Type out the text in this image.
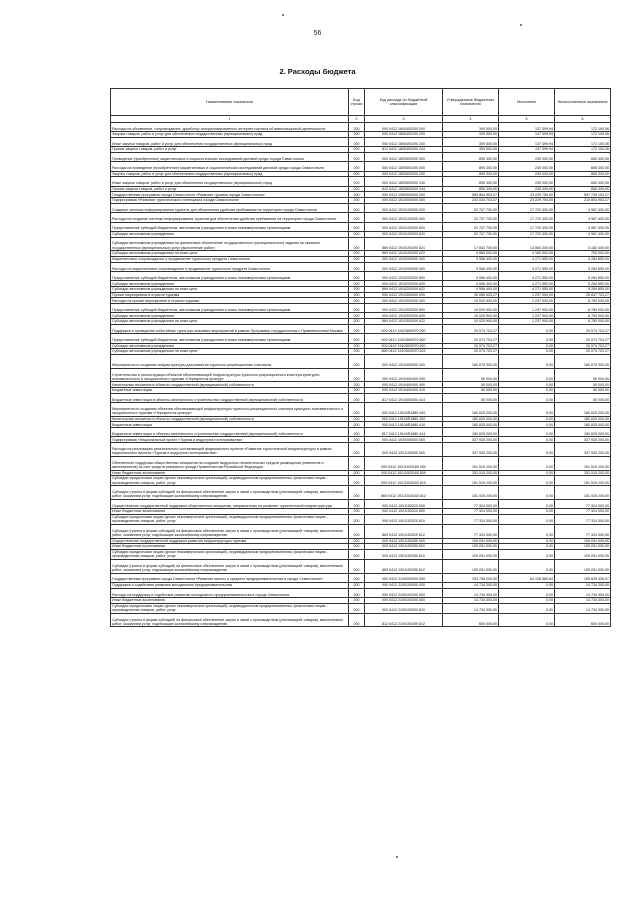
56
2. Расходы бюджета
Наименование показателя	Код строки	Код расхода по бюджетной классификации	Утвержденные бюджетные назначения	Исполнено	Неисполненные назначения
1	2	3	4	5	6
Расходы на обновление, сопровождение, доработку специализированного интернет-портала об инвестиционной деятельности	200	000 0412 1800400200 000	309 500,00	137 399,94	172 100,06
Закупка товаров, работ и услуг для обеспечения государственных (муниципальных) нужд	200	000 0412 1800400200 200	309 500,00	137 399,94	172 100,06
Иные закупки товаров, работ и услуг для обеспечения государственных (муниципальных) нужд	200	000 0412 1800400200 240	309 500,00	137 399,94	172 100,06
Прочая закупка товаров, работ и услуг	200	812 0412 1800400200 244	309 500,00	137 399,94	172 100,06
Проведение (приобретение) маркетинговых и социологических исследований деловой среды города Севастополя	200	000 0412 1800500000 000	895 300,00	230 000,00	665 300,00
Расходы на проведение (приобретение) маркетинговых и социологических исследований деловой среды города Севастополя	200	000 0412 1800500200 000	895 300,00	230 000,00	665 300,00
Закупка товаров, работ и услуг для обеспечения государственных (муниципальных) нужд	200	000 0412 1800500200 200	895 300,00	230 000,00	665 300,00
Иные закупки товаров, работ и услуг для обеспечения государственных (муниципальных) нужд	200	000 0412 1800500200 240	895 300,00	230 000,00	665 300,00
Прочая закупка товаров, работ и услуг	200	812 0412 1800500200 244	895 300,00	230 000,00	665 300,00
Государственная программа города Севастополя «Развитие туризма города Севастополя»	200	000 0412 1900000000 000	580 864 903,27	23 229 750,00	557 735 153,27
Подпрограмма «Развитие туристического потенциала города Севастополя»	200	000 0412 1910000000 000	243 034 703,27	23 229 750,00	219 804 953,27
Создание системы информирования туристов для обеспечения удобства пребывания на территории города Севастополя	200	000 0412 1910100000 000	22 707 700,00	17 720 300,00	4 987 400,00
Расходы на создание системы информирования туристов для обеспечения удобства пребывания на территории города Севастополя	200	000 0412 1910100200 000	22 707 700,00	17 720 300,00	4 987 400,00
Предоставление субсидий бюджетным, автономным учреждениям и иным некоммерческим организациям	200	000 0412 1910100200 600	22 707 700,00	17 720 300,00	4 987 400,00
Субсидии автономным учреждениям	200	000 0412 1910100200 620	22 707 700,00	17 720 300,00	4 987 400,00
Субсидии автономным учреждениям на финансовое обеспечение государственного (муниципального) задания на оказание государственных (муниципальных) услуг (выполнение работ)	200	869 0412 1910100200 621	17 842 700,00	13 660 300,00	4 182 400,00
Субсидии автономным учреждениям на иные цели	200	869 0412 1910100200 622	4 865 000,00	4 160 000,00	705 000,00
Маркетинговое сопровождение и продвижение туристского продукта Севастополя	200	000 0412 1910200000 000	9 556 400,00	4 271 550,00	5 284 850,00
Расходы на маркетинговое сопровождение и продвижение туристского продукта Севастополя	200	000 0412 1910200200 000	9 556 400,00	4 271 550,00	5 284 850,00
Предоставление субсидий бюджетным, автономным учреждениям и иным некоммерческим организациям	200	000 0412 1910200200 600	9 556 400,00	4 271 550,00	5 284 850,00
Субсидии автономным учреждениям	200	000 0412 1910200200 620	9 556 400,00	4 271 550,00	5 284 850,00
Субсидии автономным учреждениям на иные цели	200	869 0412 1910200200 622	9 556 400,00	4 271 550,00	5 284 850,00
Прочие мероприятия в отрасли туризма	200	000 0412 1910300000 000	30 085 603,27	1 237 900,00	28 847 703,27
Расходы на прочие мероприятия в отрасли туризма	200	000 0412 1910300200 000	10 020 900,00	1 237 900,00	8 783 000,00
Предоставление субсидий бюджетным, автономным учреждениям и иным некоммерческим организациям	200	000 0412 1910300200 600	10 020 900,00	1 237 900,00	8 783 000,00
Субсидии автономным учреждениям	200	000 0412 1910300200 620	10 020 900,00	1 237 900,00	8 783 000,00
Субсидии автономным учреждениям на иные цели	200	869 0412 1910300200 622	10 020 900,00	1 237 900,00	8 783 000,00
Поддержка и проведение событийных туристско-значимых мероприятий в рамках Программы сотрудничества с Правительством Москвы	200	000 0412 19103М3970 000	20 074 703,27	0,00	20 074 703,27
Предоставление субсидий бюджетным, автономным учреждениям и иным некоммерческим организациям	200	000 0412 19103М3970 600	20 074 703,27	0,00	20 074 703,27
Субсидии автономным учреждениям	200	000 0412 19103М3970 620	20 074 703,27	0,00	20 074 703,27
Субсидии автономным учреждениям на иные цели	200	869 0412 19103М3970 622	20 074 703,27	0,00	20 074 703,27
Мероприятия по созданию инфраструктуры для развития туристско-рекреационных кластеров	200	000 0412 1910400000 000	180 675 000,00	0,00	180 675 000,00
Строительство и реконструкция объектов обеспечивающей инфраструктуры туристско-рекреационного кластера культурно-познавательного и экскурсионного туризма «Перекресток культур»	200	000 0412 1910400400 000	50 000,00	0,00	50 000,00
Капитальные вложения в объекты государственной (муниципальной) собственности	200	000 0412 1910400400 400	50 000,00	0,00	50 000,00
Бюджетные инвестиции	200	000 0412 1910400400 410	50 000,00	0,00	50 000,00
Бюджетные инвестиции в объекты капитального строительства государственной (муниципальной) собственности	200	817 0412 1910400400 414	50 000,00	0,00	50 000,00
Мероприятия по созданию объектов обеспечивающей инфраструктуры туристско-рекреационного кластера культурно-познавательного и экскурсионного туризма «Перекресток культур»	200	000 0412 19104R1880 000	180 625 000,00	0,00	180 625 000,00
Капитальные вложения в объекты государственной (муниципальной) собственности	200	000 0412 19104R1880 400	180 625 000,00	0,00	180 625 000,00
Бюджетные инвестиции	200	000 0412 19104R1880 410	180 625 000,00	0,00	180 625 000,00
Бюджетные инвестиции в объекты капитального строительства государственной (муниципальной) собственности	200	817 0412 19104R1880 414	180 625 000,00	0,00	180 625 000,00
Подпрограмма «Национальный проект «Туризм и индустрия гостеприимства»	200	000 0412 1920000000 000	337 930 200,00	0,00	337 930 200,00
Расходы на реализацию регионального составляющей федерального проекта «Развитие туристической инфраструктуры в рамках национального проекта «Туризм и индустрия гостеприимства»	200	000 0412 192J100000 000	337 930 200,00	0,00	337 930 200,00
Обеспечение поддержки общественных инициатив на создание модульных некапитальных средств размещения (кемпингов и автокемпингов) за счет средств резервного фонда Правительства Российской Федерации	200	000 0412 192J1533160 000	151 515 200,00	0,00	151 515 200,00
Иные бюджетные ассигнования	200	000 0412 192J1533160 800	151 515 200,00	0,00	151 515 200,00
Субсидии юридическим лицам (кроме некоммерческих организаций), индивидуальным предпринимателям, физическим лицам - производителям товаров, работ, услуг	200	000 0412 192J1533160 810	151 515 200,00	0,00	151 515 200,00
Субсидии (гранты в форме субсидий) на финансовое обеспечение затрат в связи с производством (реализацией товаров), выполнением работ, оказанием услуг, подлежащие казначейскому сопровождению	200	869 0412 192J1533160 812	151 515 200,00	0,00	151 515 200,00
Осуществление государственной поддержки общественных инициатив, направленных на развитие туристической инфраструктуры	200	000 0412 192J153320 000	77 324 000,00	0,00	77 324 000,00
Иные бюджетные ассигнования	200	000 0412 192J153320 800	77 324 000,00	0,00	77 324 000,00
Субсидии юридическим лицам (кроме некоммерческих организаций), индивидуальным предпринимателям, физическим лицам - производителям товаров, работ, услуг	200	000 0412 192J153320 810	77 324 000,00	0,00	77 324 000,00
Субсидии (гранты в форме субсидий) на финансовое обеспечение затрат в связи с производством (реализацией товаров), выполнением работ, оказанием услуг, подлежащие казначейскому сопровождению	200	869 0412 192J153320 812	77 324 000,00	0,00	77 324 000,00
Осуществление государственной поддержки развития инфраструктуры туризма	200	000 0412 192J153350 000	109 091 000,00	0,00	109 091 000,00
Иные бюджетные ассигнования	200	000 0412 192J153350 800	109 091 000,00	0,00	109 091 000,00
Субсидии юридическим лицам (кроме некоммерческих организаций), индивидуальным предпринимателям, физическим лицам - производителям товаров, работ, услуг	200	000 0412 192J153350 810	109 091 000,00	0,00	109 091 000,00
Субсидии (гранты в форме субсидий) на финансовое обеспечение затрат в связи с производством (реализацией товаров), выполнением работ, оказанием услуг, подлежащие казначейскому сопровождению	200	869 0412 192J153350 812	109 091 000,00	0,00	109 091 000,00
Государственная программа города Севастополя «Развитие малого и среднего предпринимательства в городе Севастополе»	200	000 0412 2100000000 000	193 758 000,00	84 128 660,63	109 629 339,37
Поддержка и содействие развитию молодежного предпринимательства	200	000 0412 2100100000 000	14 734 300,00	0,00	14 734 300,00
Расходы на поддержку и содействие развитию молодежного предпринимательства в городе Севастополе	200	000 0412 2100100200 000	14 734 300,00	0,00	14 734 300,00
Иные бюджетные ассигнования	200	000 0412 2100100200 800	14 734 300,00	0,00	14 734 300,00
Субсидии юридическим лицам (кроме некоммерческих организаций), индивидуальным предпринимателям, физическим лицам - производителям товаров, работ, услуг	200	000 0412 2100100200 810	14 734 300,00	0,00	14 734 300,00
Субсидии (гранты в форме субсидий) на финансовое обеспечение затрат в связи с производством (реализацией товаров), выполнением работ, оказанием услуг, подлежащие казначейскому сопровождению	200	812 0412 2100100200 812	600 000,00	0,00	600 000,00
